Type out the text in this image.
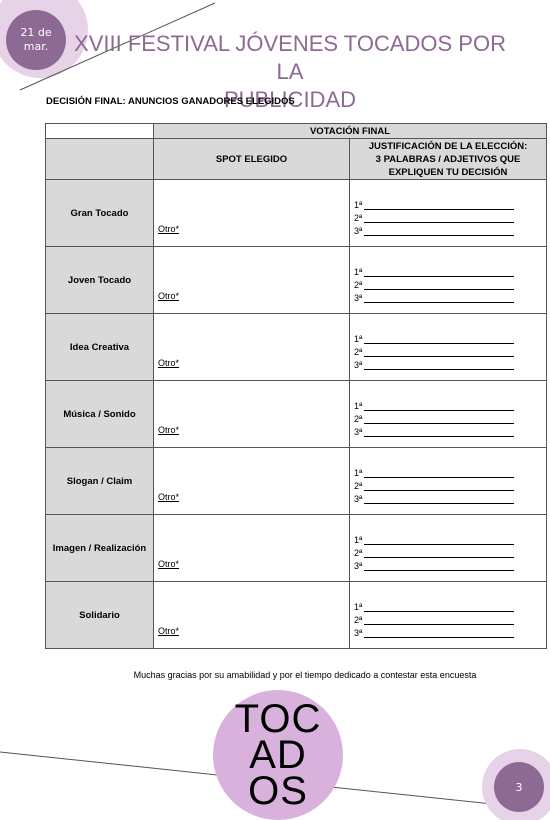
21 de
mar.	XVIII FESTIVAL JÓVENES TOCADOS POR LA
PUBLICIDAD
DECISIÓN FINAL: ANUNCIOS GANADORES ELEGIDOS
	VOTACIÓN FINAL	
	SPOT ELEGIDO	JUSTIFICACIÓN DE LA ELECCIÓN:
3 PALABRAS / ADJETIVOS QUE
EXPLIQUEN TU DECISIÓN

Gran Tocado	Otro*	1ª
2ª
3ª

Joven Tocado	Otro*	1ª
2ª
3ª

Idea Creativa	Otro*	1ª
2ª
3ª

Música / Sonido	Otro*	1ª
2ª
3ª

Slogan / Claim	Otro*	1ª
2ª
3ª

Imagen / Realización	Otro*	1ª
2ª
3ª

Solidario	Otro*	1ª
2ª
3ª
Muchas gracias por su amabilidad y por el tiempo dedicado a contestar esta encuesta
3
TOC
AD
OS
